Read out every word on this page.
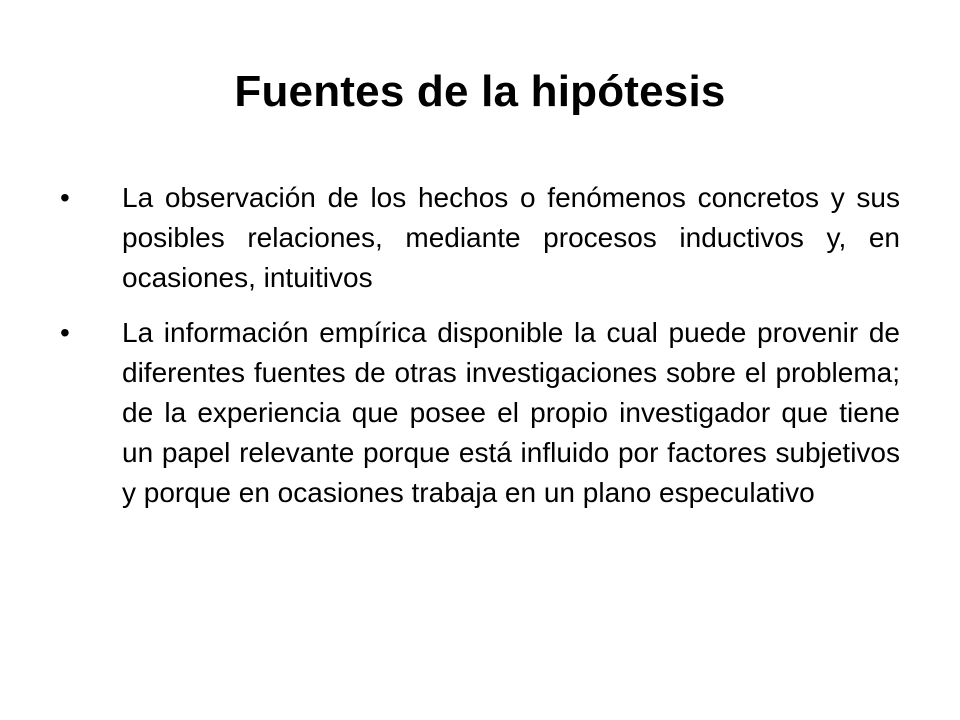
Fuentes de la hipótesis
• La observación de los hechos o fenómenos concretos y sus posibles relaciones, mediante procesos inductivos y, en ocasiones, intuitivos
• La información empírica disponible la cual puede provenir de diferentes fuentes de otras investigaciones sobre el problema; de la experiencia que posee el propio investigador que tiene un papel relevante porque está influido por factores subjetivos y porque en ocasiones trabaja en un plano especulativo
